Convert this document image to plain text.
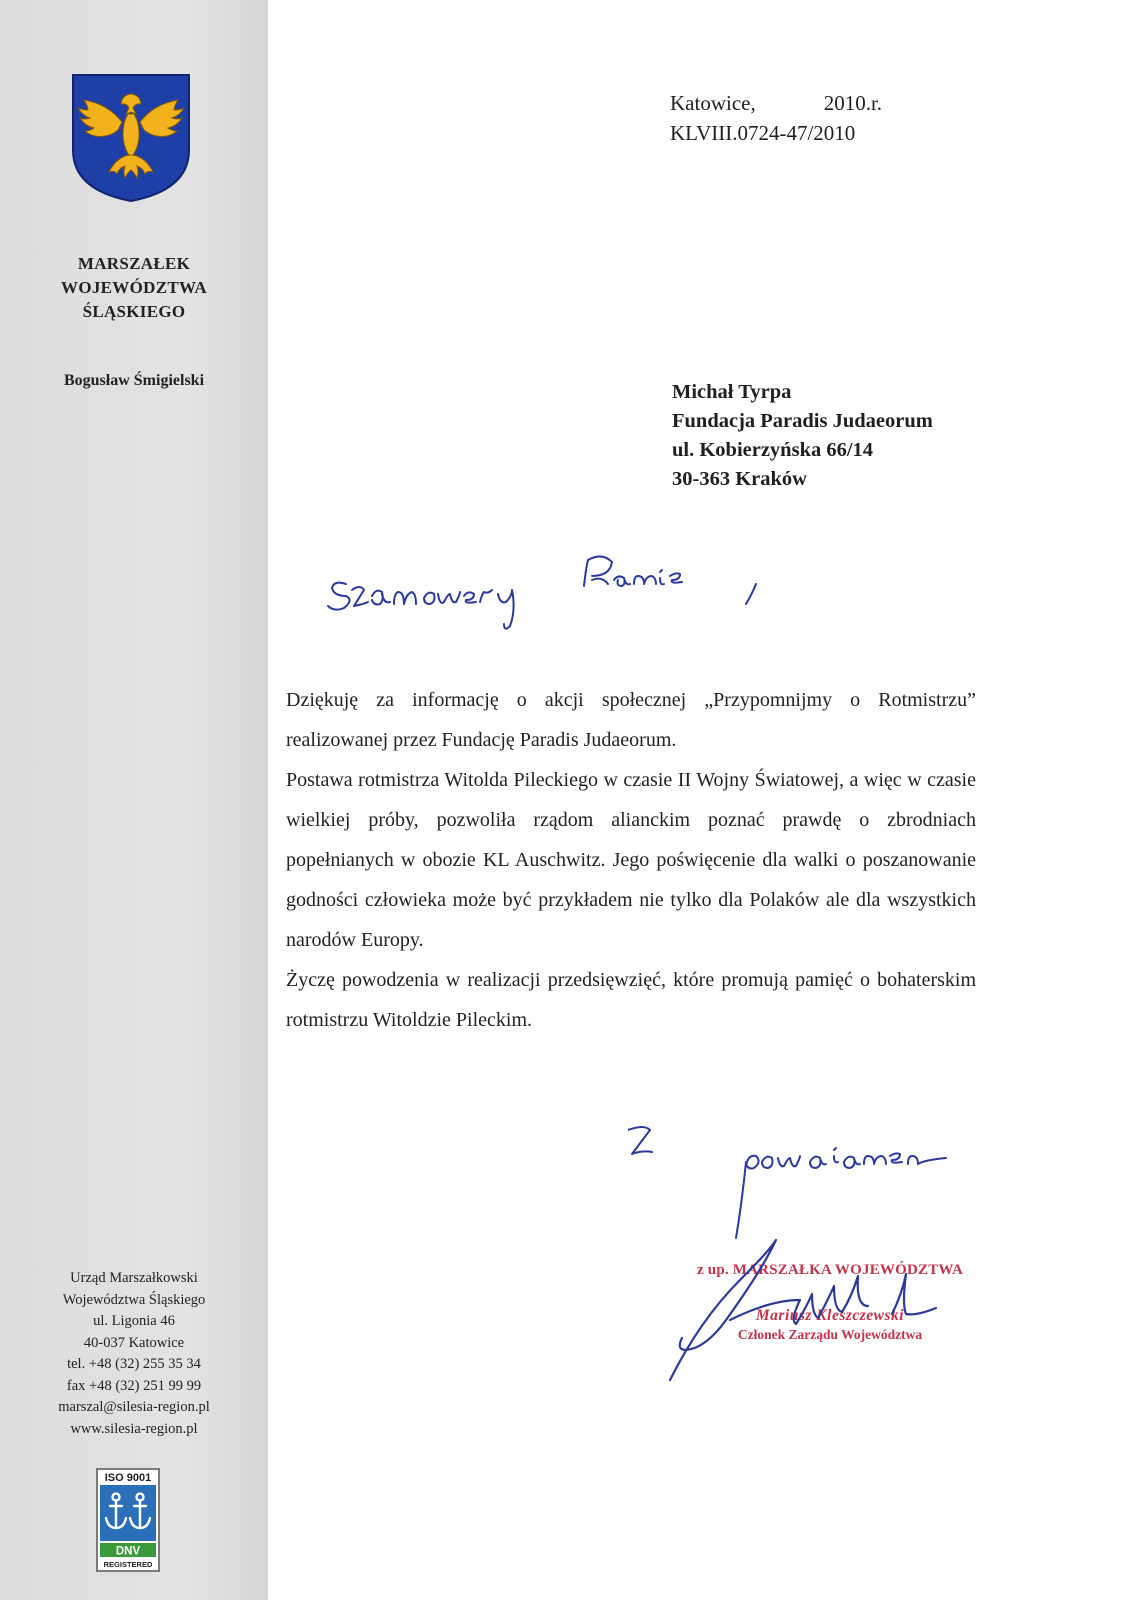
MARSZAŁEK
WOJEWÓDZTWA
ŚLĄSKIEGO
Bogusław Śmigielski
Urząd Marszałkowski
Województwa Śląskiego
ul. Ligonia 46
40-037 Katowice
tel. +48 (32) 255 35 34
fax +48 (32) 251 99 99
marszal@silesia-region.pl
www.silesia-region.pl
ISO 9001
DNV
REGISTERED
Katowice,	2010.r.
KLVIII.0724-47/2010
Michał Tyrpa
Fundacja Paradis Judaeorum
ul. Kobierzyńska 66/14
30-363 Kraków

Dziękuję za informację o akcji społecznej „Przypomnijmy o Rotmistrzu” realizowanej przez Fundację Paradis Judaeorum.

Postawa rotmistrza Witolda Pileckiego w czasie II Wojny Światowej, a więc w czasie wielkiej próby, pozwoliła rządom alianckim poznać prawdę o zbrodniach popełnianych w obozie KL Auschwitz. Jego poświęcenie dla walki o poszanowanie godności człowieka może być przykładem nie tylko dla Polaków ale dla wszystkich narodów Europy.

Życzę powodzenia w realizacji przedsięwzięć, które promują pamięć o bohaterskim rotmistrzu Witoldzie Pileckim.

z up. MARSZAŁKA WOJEWÓDZTWA
Mariusz Kleszczewski
Członek Zarządu Województwa
